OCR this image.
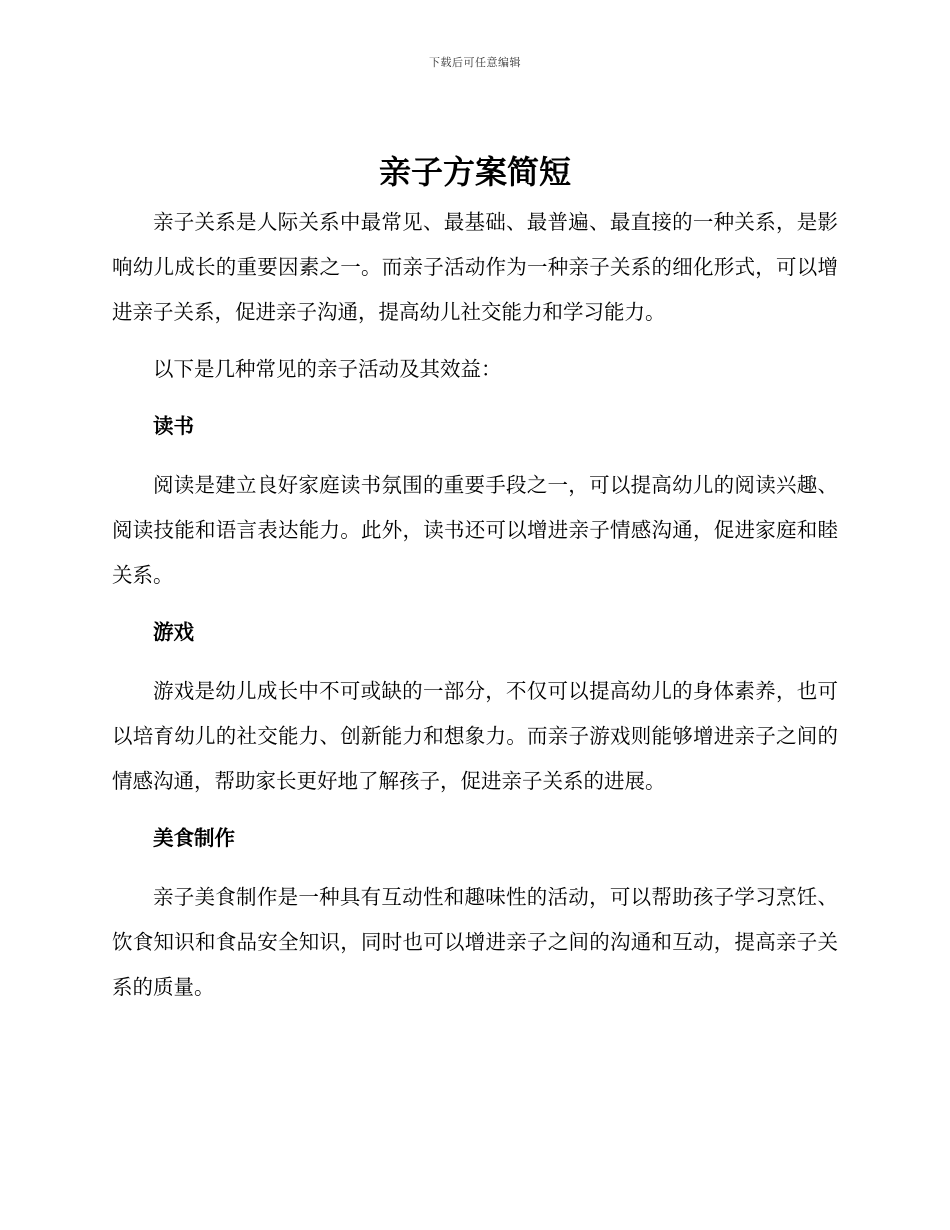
下载后可任意编辑
亲子方案简短

亲子关系是人际关系中最常见、最基础、最普遍、最直接的一种关系，是影响幼儿成长的重要因素之一。而亲子活动作为一种亲子关系的细化形式，可以增进亲子关系，促进亲子沟通，提高幼儿社交能力和学习能力。

以下是几种常见的亲子活动及其效益：

读书

阅读是建立良好家庭读书氛围的重要手段之一，可以提高幼儿的阅读兴趣、阅读技能和语言表达能力。此外，读书还可以增进亲子情感沟通，促进家庭和睦关系。

游戏

游戏是幼儿成长中不可或缺的一部分，不仅可以提高幼儿的身体素养，也可以培育幼儿的社交能力、创新能力和想象力。而亲子游戏则能够增进亲子之间的情感沟通，帮助家长更好地了解孩子，促进亲子关系的进展。

美食制作

亲子美食制作是一种具有互动性和趣味性的活动，可以帮助孩子学习烹饪、饮食知识和食品安全知识，同时也可以增进亲子之间的沟通和互动，提高亲子关系的质量。
